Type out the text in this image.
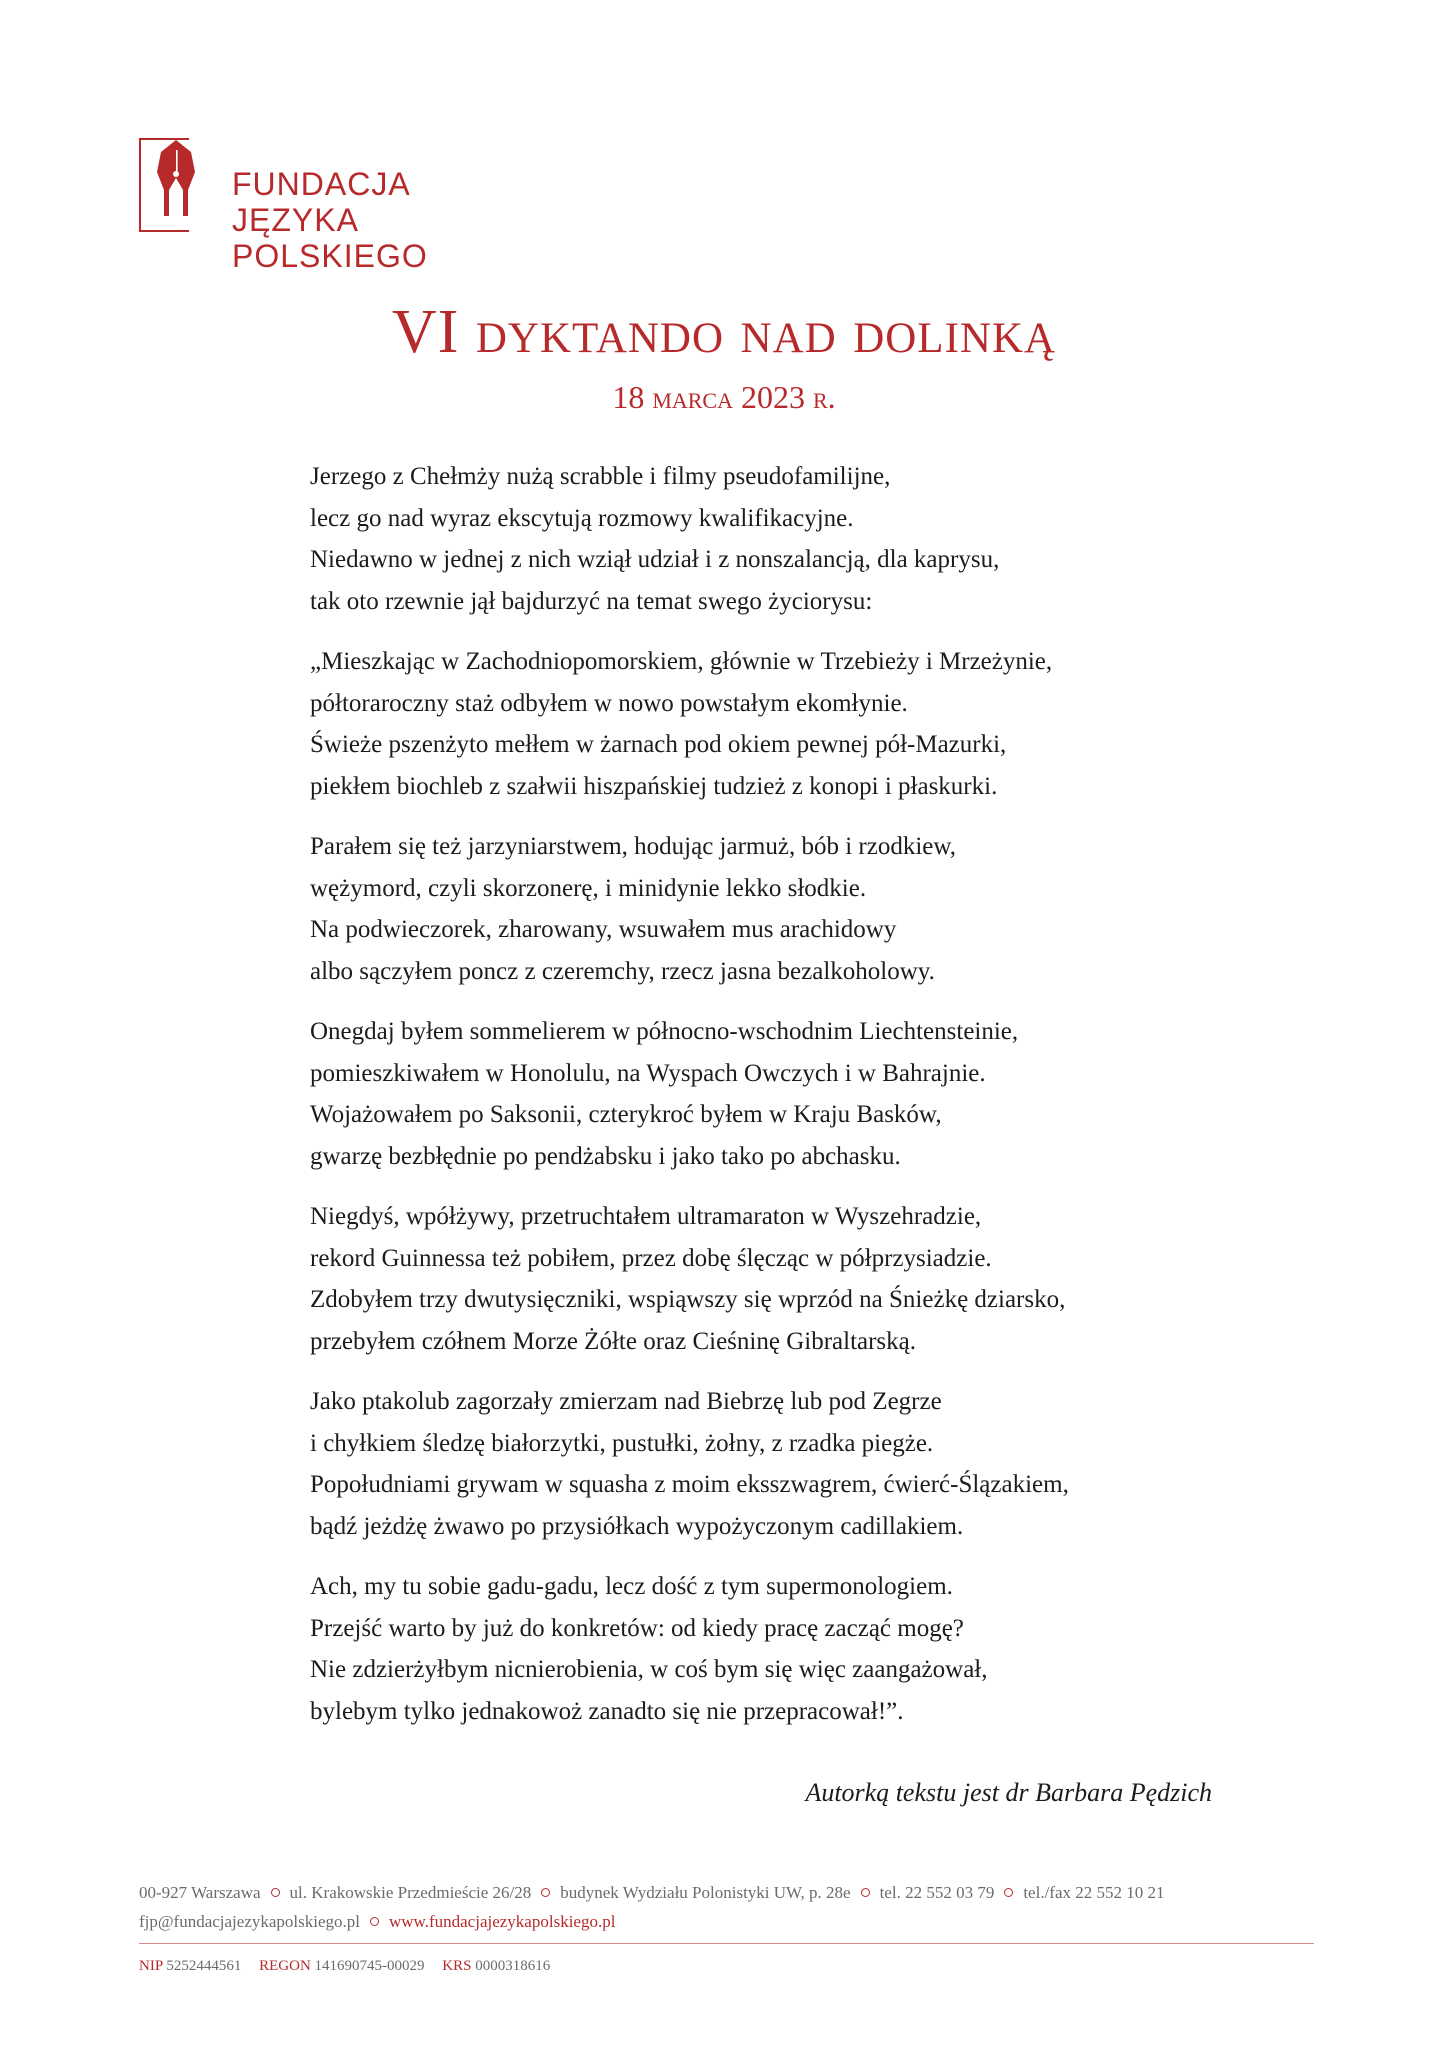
FUNDACJA
JĘZYKA POLSKIEGO
VI dyktando nad dolinką
18 marca 2023 r.
Jerzego z Chełmży nużą scrabble i filmy pseudofamilijne,
lecz go nad wyraz ekscytują rozmowy kwalifikacyjne.
Niedawno w jednej z nich wziął udział i z nonszalancją, dla kaprysu,
tak oto rzewnie jął bajdurzyć na temat swego życiorysu:
„Mieszkając w Zachodniopomorskiem, głównie w Trzebieży i Mrzeżynie,
półtoraroczny staż odbyłem w nowo powstałym ekomłynie.
Świeże pszenżyto mełłem w żarnach pod okiem pewnej pół-Mazurki,
piekłem biochleb z szałwii hiszpańskiej tudzież z konopi i płaskurki.
Parałem się też jarzyniarstwem, hodując jarmuż, bób i rzodkiew,
wężymord, czyli skorzonerę, i minidynie lekko słodkie.
Na podwieczorek, zharowany, wsuwałem mus arachidowy
albo sączyłem poncz z czeremchy, rzecz jasna bezalkoholowy.
Onegdaj byłem sommelierem w północno-wschodnim Liechtensteinie,
pomieszkiwałem w Honolulu, na Wyspach Owczych i w Bahrajnie.
Wojażowałem po Saksonii, czterykroć byłem w Kraju Basków,
gwarzę bezbłędnie po pendżabsku i jako tako po abchasku.
Niegdyś, wpółżywy, przetruchtałem ultramaraton w Wyszehradzie,
rekord Guinnessa też pobiłem, przez dobę ślęcząc w półprzysiadzie.
Zdobyłem trzy dwutysięczniki, wspiąwszy się wprzód na Śnieżkę dziarsko,
przebyłem czółnem Morze Żółte oraz Cieśninę Gibraltarską.
Jako ptakolub zagorzały zmierzam nad Biebrzę lub pod Zegrze
i chyłkiem śledzę białorzytki, pustułki, żołny, z rzadka piegże.
Popołudniami grywam w squasha z moim eksszwagrem, ćwierć-Ślązakiem,
bądź jeżdżę żwawo po przysiółkach wypożyczonym cadillakiem.
Ach, my tu sobie gadu-gadu, lecz dość z tym supermonologiem.
Przejść warto by już do konkretów: od kiedy pracę zacząć mogę?
Nie zdzierżyłbym nicnierobienia, w coś bym się więc zaangażował,
bylebym tylko jednakowoż zanadto się nie przepracował!”.
Autorką tekstu jest dr Barbara Pędzich
00-927 Warszawa ul. Krakowskie Przedmieście 26/28 budynek Wydziału Polonistyki UW, p. 28e tel. 22 552 03 79 tel./fax 22 552 10 21
fjp@fundacjajezykapolskiego.pl www.fundacjajezykapolskiego.pl
NIP 5252444561 REGON 141690745-00029 KRS 0000318616
